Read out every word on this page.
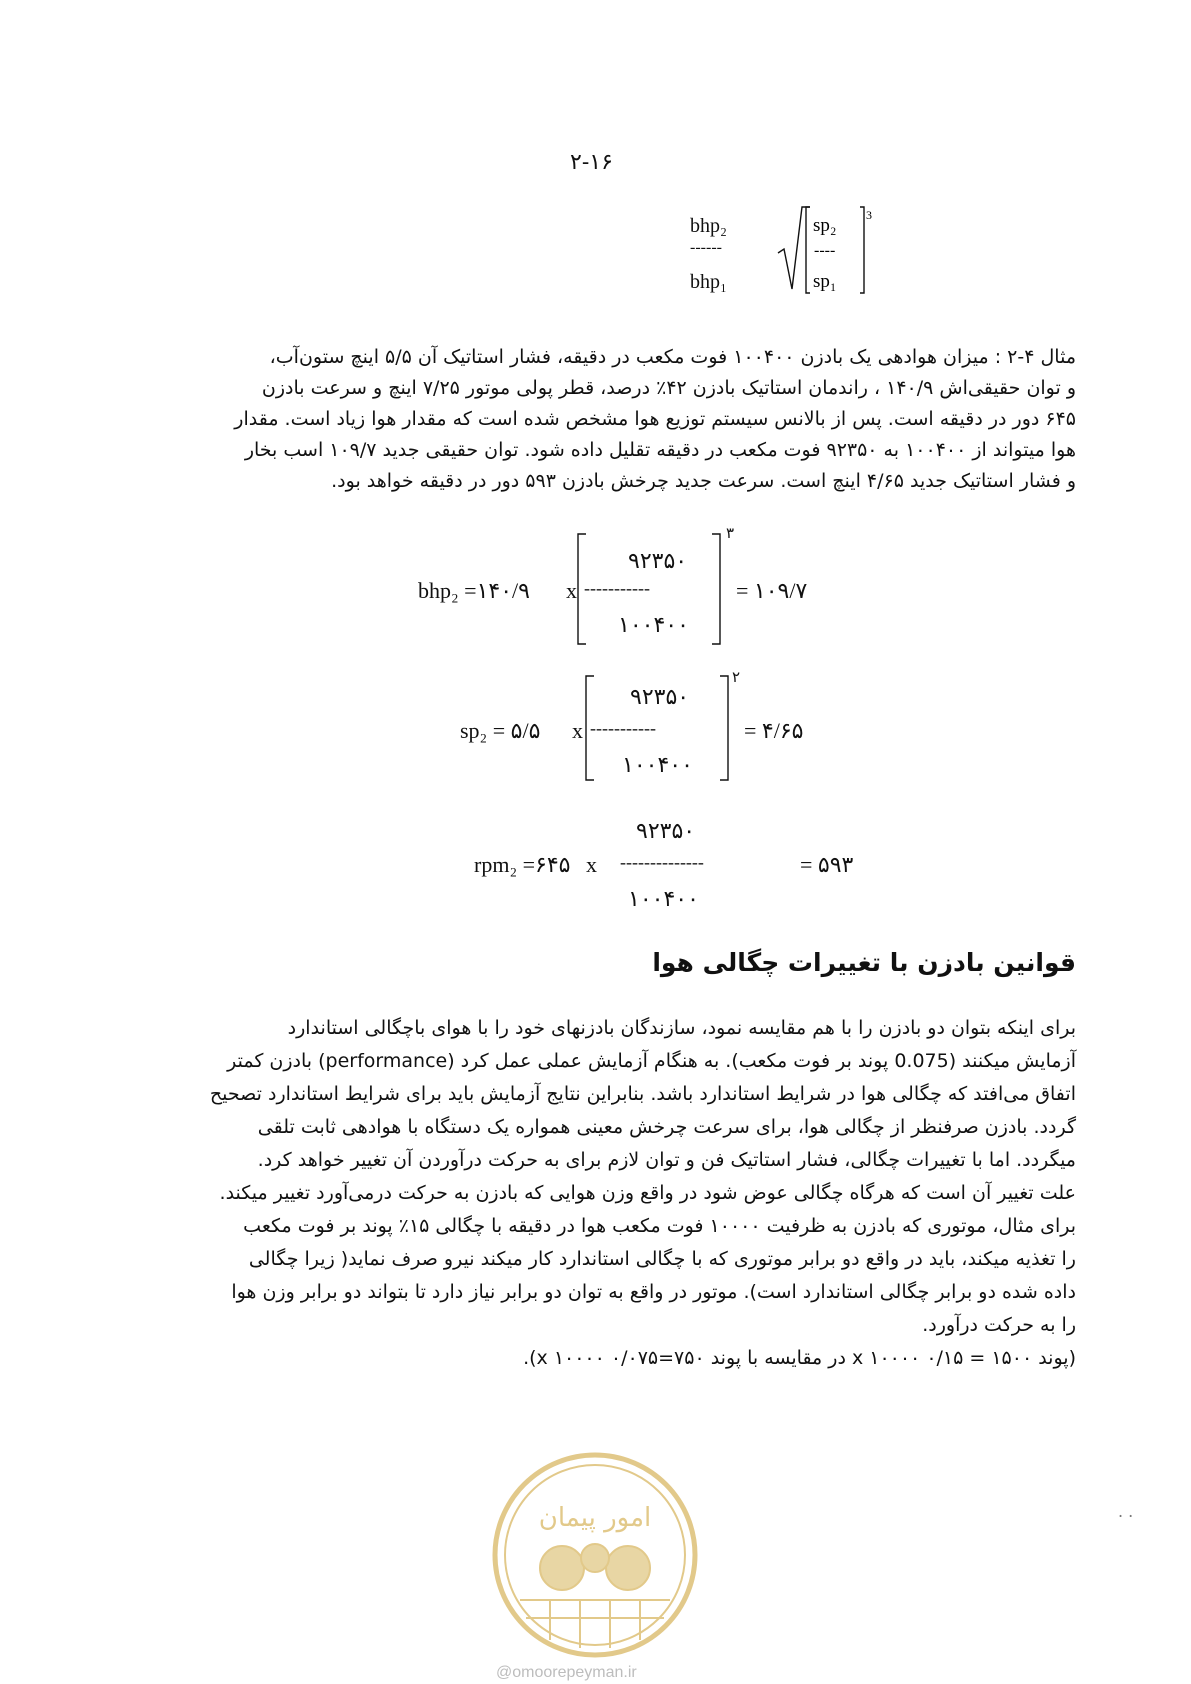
۲-۱۶
bhp₂
------
bhp₁
sp₂
----
sp₁
3

مثال ۴-۲ : میزان هوادهی یک بادزن ۱۰۰۴۰۰ فوت مکعب در دقیقه، فشار استاتیک آن ۵/۵ اینچ ستون‌آب،

و توان حقیقی‌اش ۱۴۰/۹ ، راندمان استاتیک بادزن ۴۲٪ درصد، قطر پولی موتور ۷/۲۵ اینچ و سرعت بادزن

۶۴۵ دور در دقیقه است. پس از بالانس سیستم توزیع هوا مشخص شده است که مقدار هوا زیاد است. مقدار

هوا میتواند از ۱۰۰۴۰۰ به ۹۲۳۵۰ فوت مکعب در دقیقه تقلیل داده شود. توان حقیقی جدید ۱۰۹/۷ اسب بخار

و فشار استاتیک جدید ۴/۶۵ اینچ است. سرعت جدید چرخش بادزن ۵۹۳ دور در دقیقه خواهد بود.

bhp₂ =۱۴۰/۹ x
۹۲۳۵۰
-----------
۱۰۰۴۰۰
۳
= ۱۰۹/۷
sp₂ = ۵/۵ x
۹۲۳۵۰
-----------
۱۰۰۴۰۰
۲
= ۴/۶۵
۹۲۳۵۰
rpm₂ =۶۴۵ x --------------	= ۵۹۳
۱۰۰۴۰۰
قوانین بادزن با تغییرات چگالی هوا

برای اینکه بتوان دو بادزن را با هم مقایسه نمود، سازندگان بادزنهای خود را با هوای باچگالی استاندارد

آزمایش میکنند (0.075 پوند بر فوت مکعب). به هنگام آزمایش عملی عمل کرد (performance) بادزن کمتر

اتفاق می‌افتد که چگالی هوا در شرایط استاندارد باشد. بنابراین نتایج آزمایش باید برای شرایط استاندارد تصحیح

گردد. بادزن صرفنظر از چگالی هوا، برای سرعت چرخش معینی همواره یک دستگاه با هوادهی ثابت تلقی

میگردد. اما با تغییرات چگالی، فشار استاتیک فن و توان لازم برای به حرکت درآوردن آن تغییر خواهد کرد.

علت تغییر آن است که هرگاه چگالی عوض شود در واقع وزن هوایی که بادزن به حرکت درمی‌آورد تغییر میکند.

برای مثال، موتوری که بادزن به ظرفیت ۱۰۰۰۰ فوت مکعب هوا در دقیقه با چگالی ۱۵٪ پوند بر فوت مکعب

را تغذیه میکند، باید در واقع دو برابر موتوری که با چگالی استاندارد کار میکند نیرو صرف نماید( زیرا چگالی

داده شده دو برابر چگالی استاندارد است). موتور در واقع به توان دو برابر نیاز دارد تا بتواند دو برابر وزن هوا

را به حرکت درآورد.

(پوند ۱۵۰۰ = ۰/۱۵ x ۱۰۰۰۰ در مقایسه با پوند ۷۵۰=۰/۰۷۵ x ۱۰۰۰۰).

امور پیمان
@omoorepeyman.ir
. .
